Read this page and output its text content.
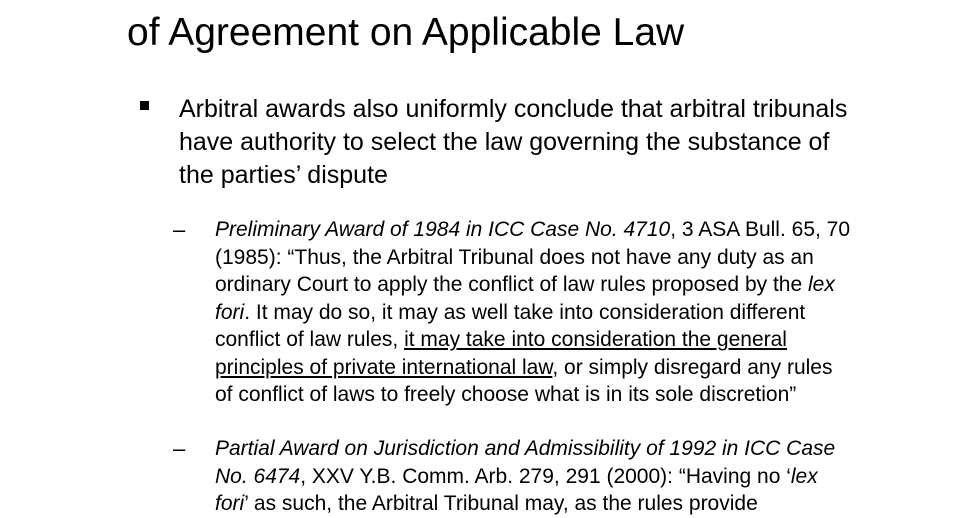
of Agreement on Applicable Law
Arbitral awards also uniformly conclude that arbitral tribunals
have authority to select the law governing the substance of
the parties’ dispute
– Preliminary Award of 1984 in ICC Case No. 4710, 3 ASA Bull. 65, 70
(1985): “Thus, the Arbitral Tribunal does not have any duty as an
ordinary Court to apply the conflict of law rules proposed by the lex
fori. It may do so, it may as well take into consideration different
conflict of law rules, it may take into consideration the general
principles of private international law, or simply disregard any rules
of conflict of laws to freely choose what is in its sole discretion”
– Partial Award on Jurisdiction and Admissibility of 1992 in ICC Case
No. 6474, XXV Y.B. Comm. Arb. 279, 291 (2000): “Having no ‘lex
fori’ as such, the Arbitral Tribunal may, as the rules provide
